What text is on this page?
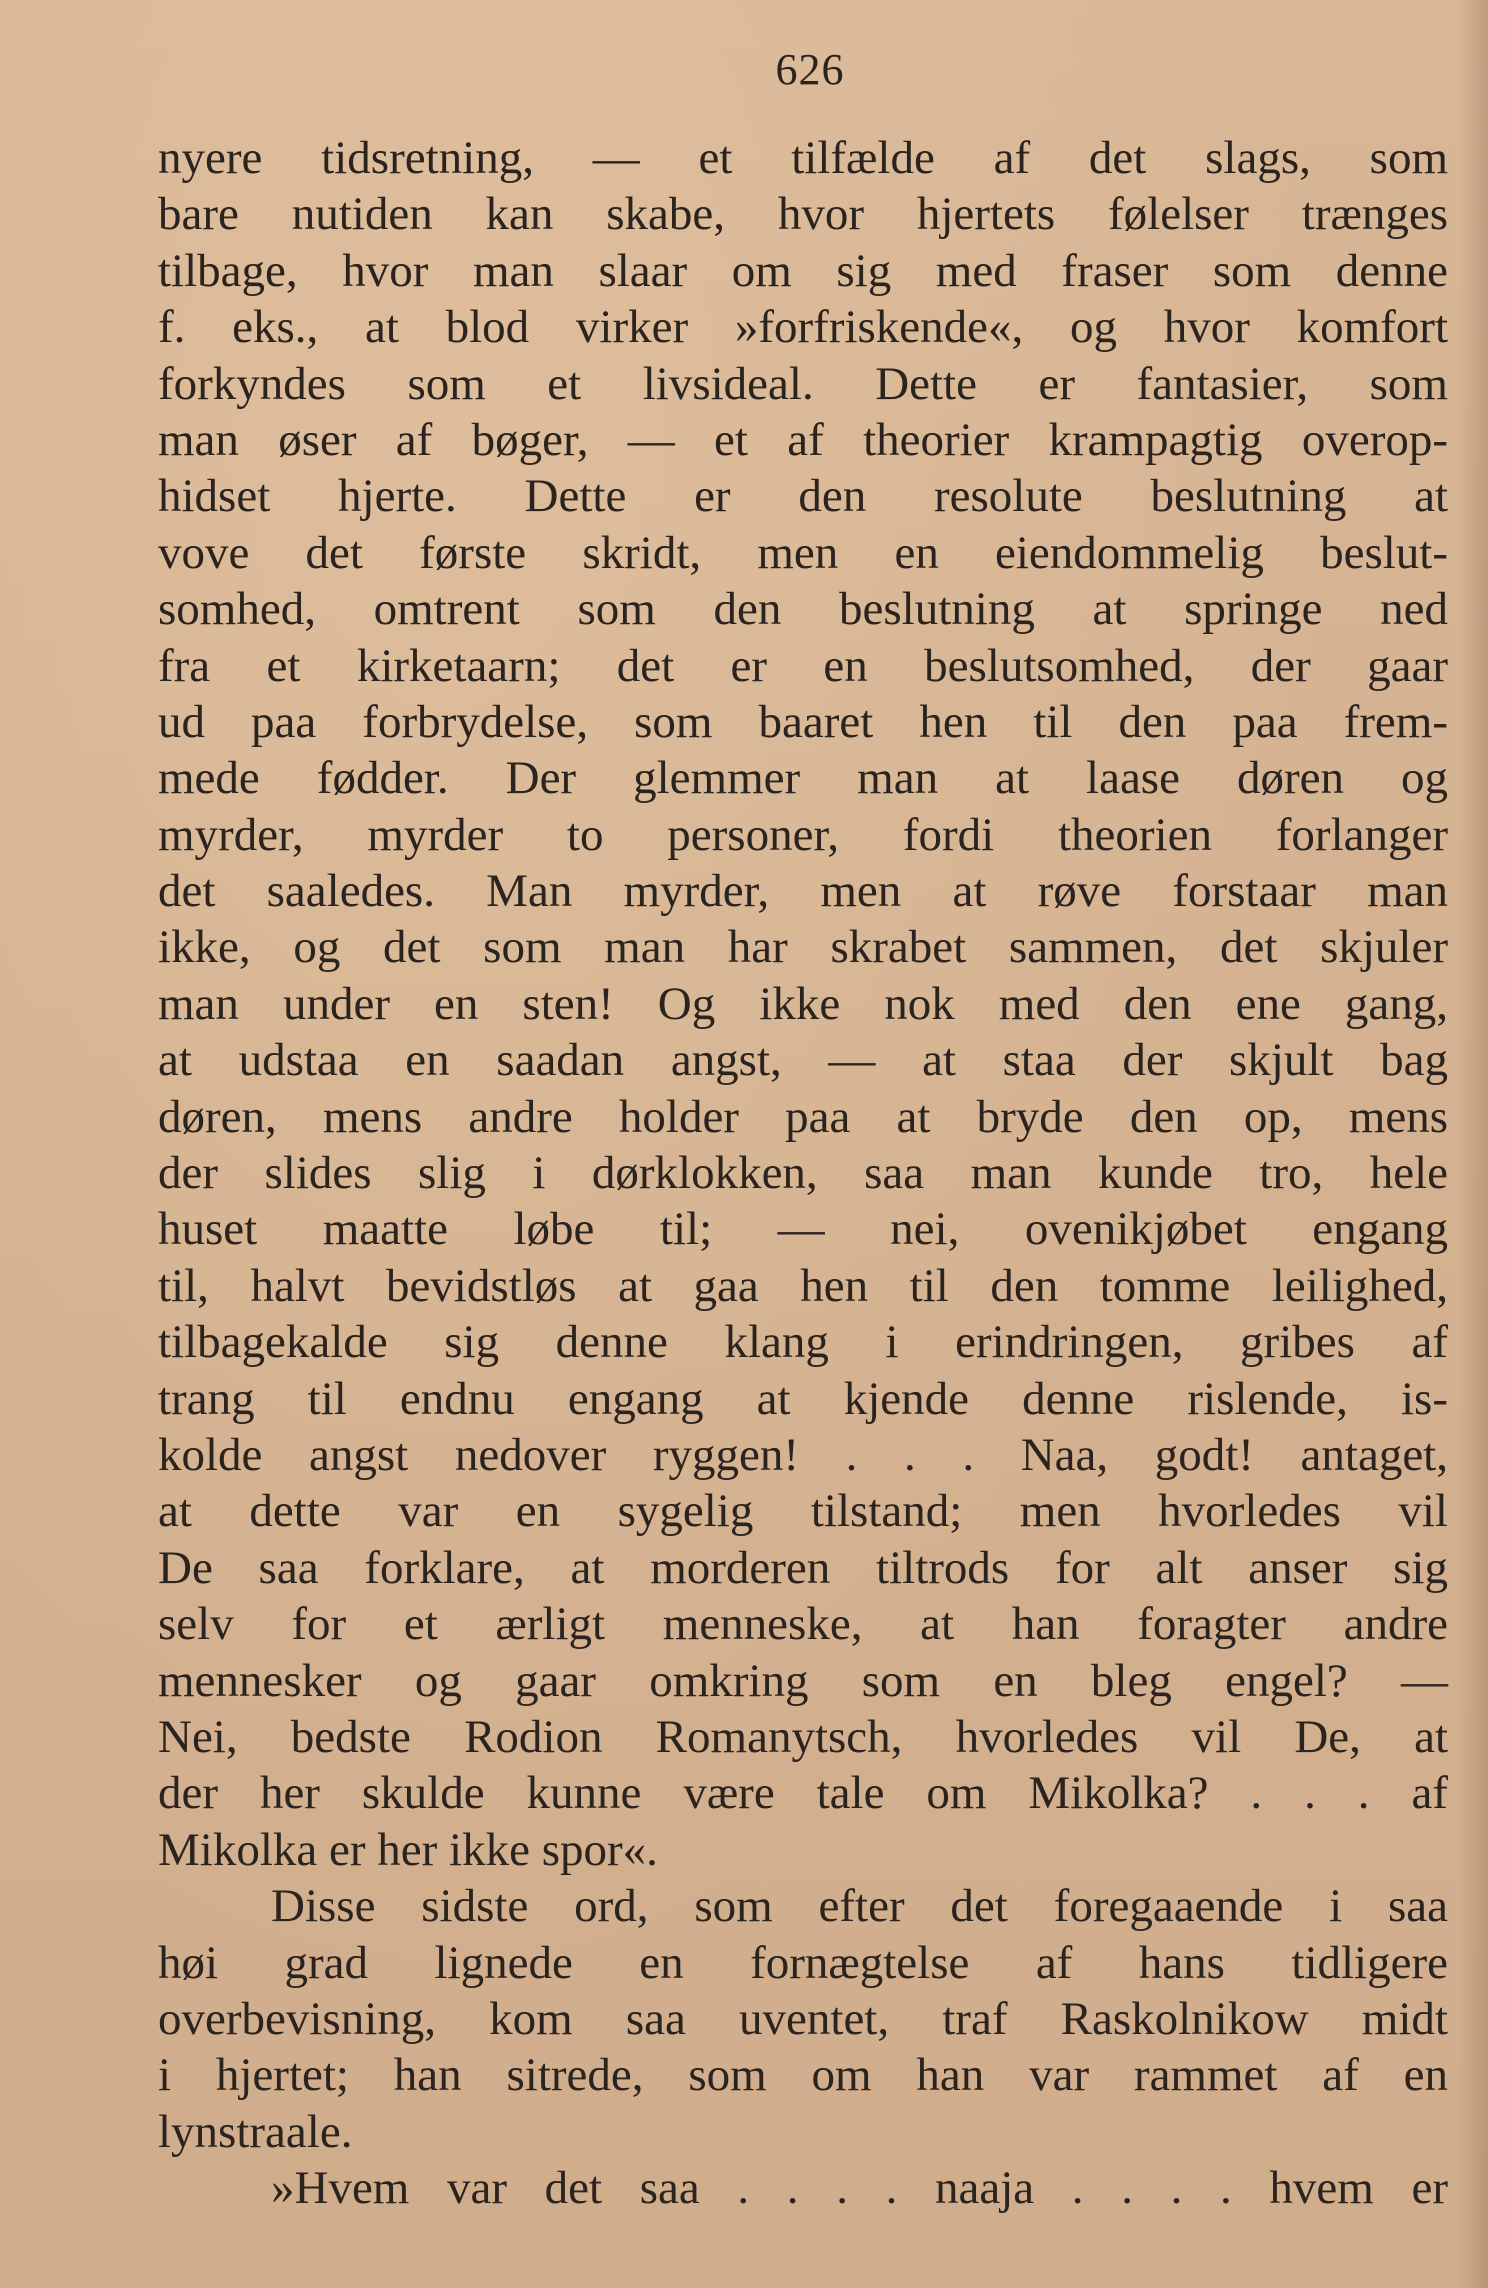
626
nyere tidsretning, — et tilfælde af det slags, som
bare nutiden kan skabe, hvor hjertets følelser trænges
tilbage, hvor man slaar om sig med fraser som denne
f. eks., at blod virker »forfriskende«, og hvor komfort
forkyndes som et livsideal. Dette er fantasier, som
man øser af bøger, — et af theorier krampagtig overop-
hidset hjerte. Dette er den resolute beslutning at
vove det første skridt, men en eiendommelig beslut-
somhed, omtrent som den beslutning at springe ned
fra et kirketaarn; det er en beslutsomhed, der gaar
ud paa forbrydelse, som baaret hen til den paa frem-
mede fødder. Der glemmer man at laase døren og
myrder, myrder to personer, fordi theorien forlanger
det saaledes. Man myrder, men at røve forstaar man
ikke, og det som man har skrabet sammen, det skjuler
man under en sten! Og ikke nok med den ene gang,
at udstaa en saadan angst, — at staa der skjult bag
døren, mens andre holder paa at bryde den op, mens
der slides slig i dørklokken, saa man kunde tro, hele
huset maatte løbe til; — nei, ovenikjøbet engang
til, halvt bevidstløs at gaa hen til den tomme leilighed,
tilbagekalde sig denne klang i erindringen, gribes af
trang til endnu engang at kjende denne rislende, is-
kolde angst nedover ryggen! . . . Naa, godt! antaget,
at dette var en sygelig tilstand; men hvorledes vil
De saa forklare, at morderen tiltrods for alt anser sig
selv for et ærligt menneske, at han foragter andre
mennesker og gaar omkring som en bleg engel? —
Nei, bedste Rodion Romanytsch, hvorledes vil De, at
der her skulde kunne være tale om Mikolka? . . . af
Mikolka er her ikke spor«.
Disse sidste ord, som efter det foregaaende i saa
høi grad lignede en fornægtelse af hans tidligere
overbevisning, kom saa uventet, traf Raskolnikow midt
i hjertet; han sitrede, som om han var rammet af en
lynstraale.
»Hvem var det saa . . . . naaja . . . . hvem er
